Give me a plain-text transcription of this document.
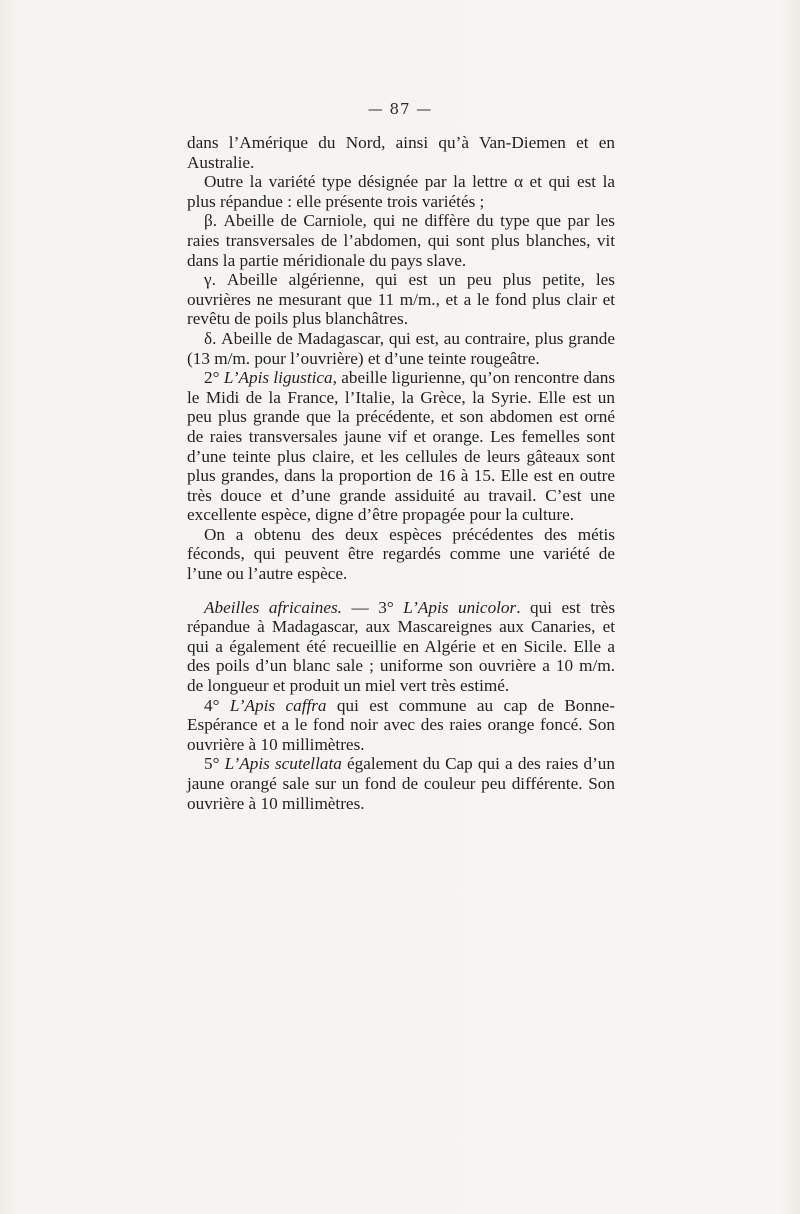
— 87 —

dans l’Amérique du Nord, ainsi qu’à Van-Diemen et en Australie.

Outre la variété type désignée par la lettre α et qui est la plus répandue : elle présente trois variétés ;

β. Abeille de Carniole, qui ne diffère du type que par les raies transversales de l’abdomen, qui sont plus blanches, vit dans la partie méridionale du pays slave.

γ. Abeille algérienne, qui est un peu plus petite, les ouvrières ne mesurant que 11 m/m., et a le fond plus clair et revêtu de poils plus blanchâtres.

δ. Abeille de Madagascar, qui est, au contraire, plus grande (13 m/m. pour l’ouvrière) et d’une teinte rougeâtre.

2° L’Apis ligustica, abeille ligurienne, qu’on rencontre dans le Midi de la France, l’Italie, la Grèce, la Syrie. Elle est un peu plus grande que la précédente, et son abdomen est orné de raies transversales jaune vif et orange. Les femelles sont d’une teinte plus claire, et les cellules de leurs gâteaux sont plus grandes, dans la proportion de 16 à 15. Elle est en outre très douce et d’une grande assiduité au travail. C’est une excellente espèce, digne d’être propagée pour la culture.

On a obtenu des deux espèces précédentes des métis féconds, qui peuvent être regardés comme une variété de l’une ou l’autre espèce.

Abeilles africaines. — 3° L’Apis unicolor. qui est très répandue à Madagascar, aux Mascareignes aux Canaries, et qui a également été recueillie en Algérie et en Sicile. Elle a des poils d’un blanc sale ; uniforme son ouvrière a 10 m/m. de longueur et produit un miel vert très estimé.

4° L’Apis caffra qui est commune au cap de Bonne-Espérance et a le fond noir avec des raies orange foncé. Son ouvrière à 10 millimètres.

5° L’Apis scutellata également du Cap qui a des raies d’un jaune orangé sale sur un fond de couleur peu différente. Son ouvrière à 10 millimètres.
